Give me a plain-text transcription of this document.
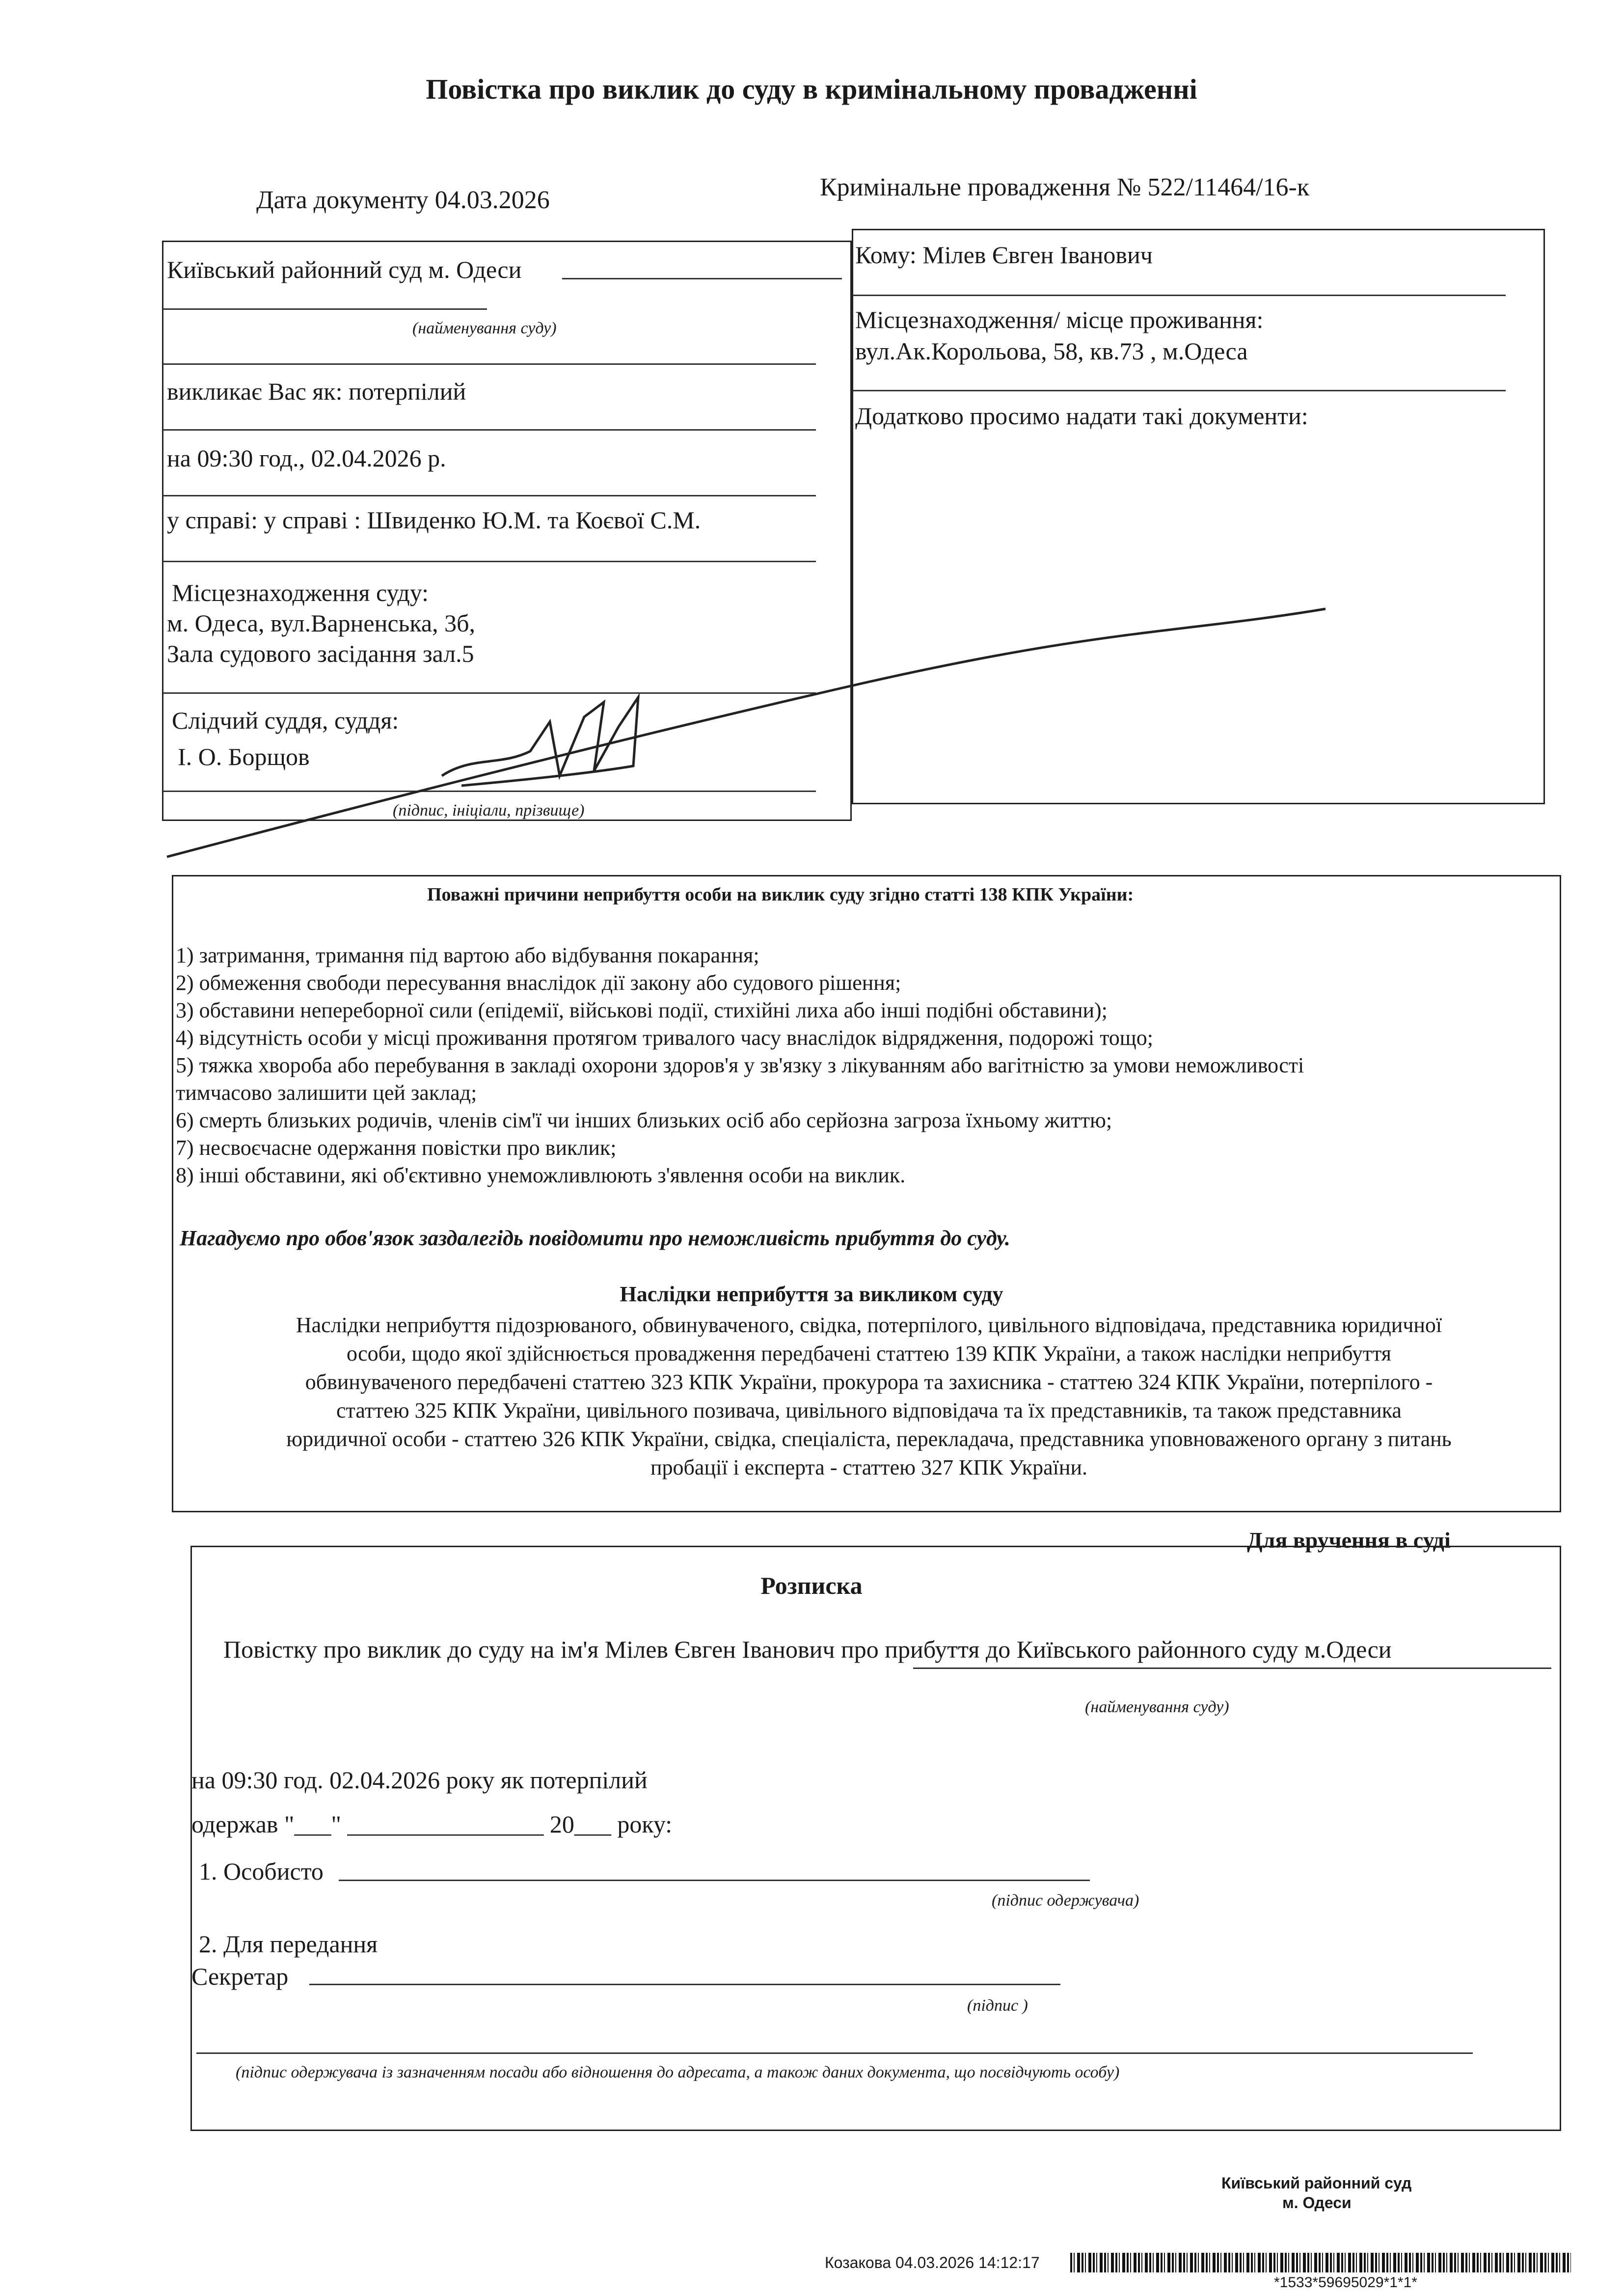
Повістка про виклик до суду в кримінальному провадженні
Дата документу 04.03.2026	Кримінальне провадження № 522/11464/16-к
Київський районний суд м. Одеси
(найменування суду)
викликає Вас як: потерпілий
на 09:30 год., 02.04.2026 р.
у справі: у справі : Швиденко Ю.М. та Коєвої С.М.
Місцезнаходження суду:
м. Одеса, вул.Варненська, 3б,
Зала судового засідання зал.5
Слідчий суддя, суддя:
І. О. Борщов
(підпис, ініціали, прізвище)
Кому: Мілев Євген Іванович
Місцезнаходження/ місце проживання:
вул.Ак.Корольова, 58, кв.73 , м.Одеса
Додатково просимо надати такі документи:
Поважні причини неприбуття особи на виклик суду згідно статті 138 КПК України:
1) затримання, тримання під вартою або відбування покарання;
2) обмеження свободи пересування внаслідок дії закону або судового рішення;
3) обставини непереборної сили (епідемії, військові події, стихійні лиха або інші подібні обставини);
4) відсутність особи у місці проживання протягом тривалого часу внаслідок відрядження, подорожі тощо;
5) тяжка хвороба або перебування в закладі охорони здоров'я у зв'язку з лікуванням або вагітністю за умови неможливості
тимчасово залишити цей заклад;
6) смерть близьких родичів, членів сім'ї чи інших близьких осіб або серйозна загроза їхньому життю;
7) несвоєчасне одержання повістки про виклик;
8) інші обставини, які об'єктивно унеможливлюють з'явлення особи на виклик.
Нагадуємо про обов'язок заздалегідь повідомити про неможливість прибуття до суду.
Наслідки неприбуття за викликом суду
Наслідки неприбуття підозрюваного, обвинуваченого, свідка, потерпілого, цивільного відповідача, представника юридичної
особи, щодо якої здійснюється провадження передбачені статтею 139 КПК України, а також наслідки неприбуття
обвинуваченого передбачені статтею 323 КПК України, прокурора та захисника - статтею 324 КПК України, потерпілого -
статтею 325 КПК України, цивільного позивача, цивільного відповідача та їх представників, та також представника
юридичної особи - статтею 326 КПК України, свідка, спеціаліста, перекладача, представника уповноваженого органу з питань
пробації і експерта - статтею 327 КПК України.
Для вручення в суді
Розписка
Повістку про виклик до суду на ім'я Мілев Євген Іванович про прибуття до Київського районного суду м.Одеси
(найменування суду)
на 09:30 год. 02.04.2026 року як потерпілий
одержав "___" ________________ 20___ року:
1. Особисто
(підпис одержувача)
2. Для передання
Секретар
(підпис )
(підпис одержувача із зазначенням посади або відношення до адресата, а також даних документа, що посвідчують особу)
Київський районний суд
м. Одеси
Козакова 04.03.2026 14:12:17
*1533*59695029*1*1*
